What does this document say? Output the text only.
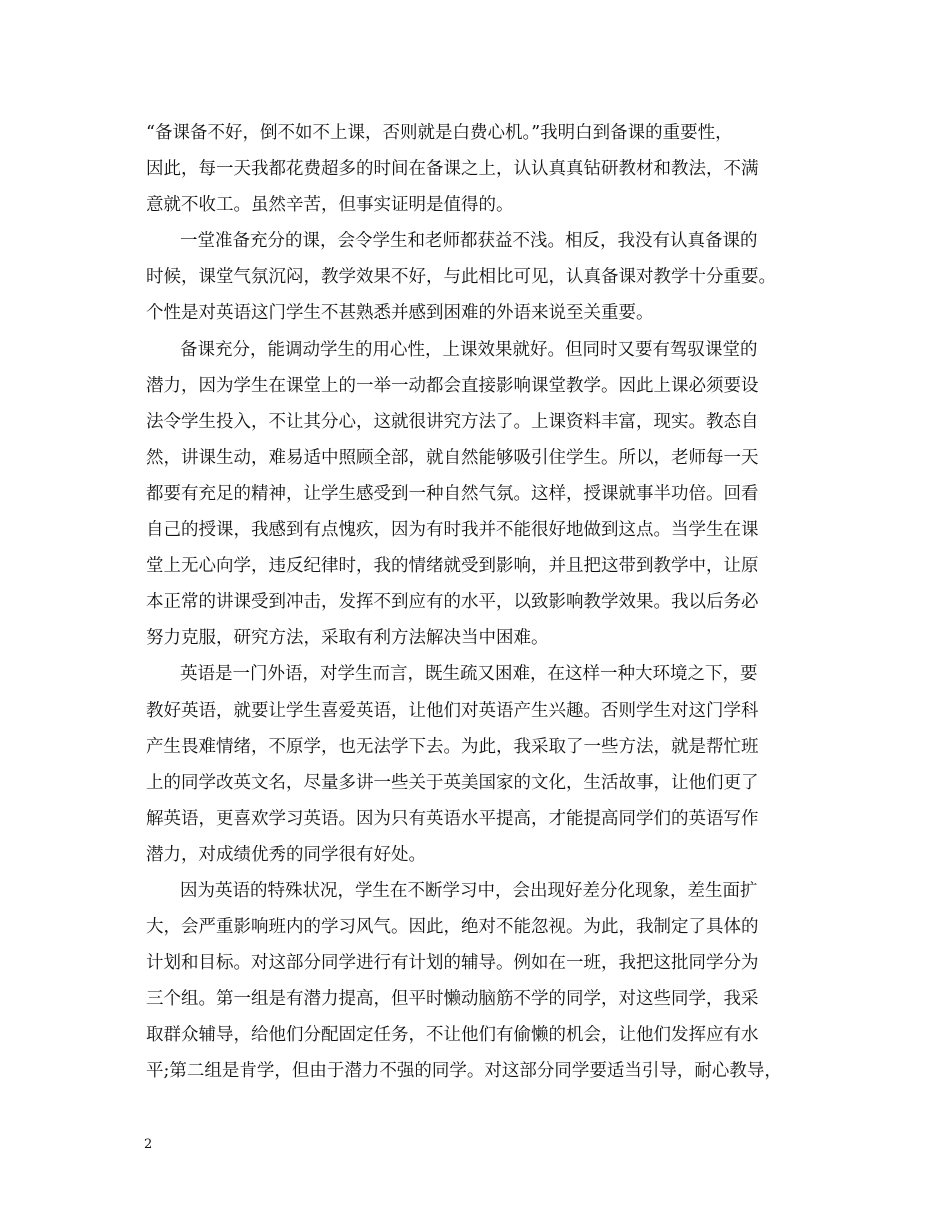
“备课备不好，倒不如不上课，否则就是白费心机。”我明白到备课的重要性，
因此，每一天我都花费超多的时间在备课之上，认认真真钻研教材和教法，不满
意就不收工。虽然辛苦，但事实证明是值得的。
一堂准备充分的课，会令学生和老师都获益不浅。相反，我没有认真备课的
时候，课堂气氛沉闷，教学效果不好，与此相比可见，认真备课对教学十分重要。
个性是对英语这门学生不甚熟悉并感到困难的外语来说至关重要。
备课充分，能调动学生的用心性，上课效果就好。但同时又要有驾驭课堂的
潜力，因为学生在课堂上的一举一动都会直接影响课堂教学。因此上课必须要设
法令学生投入，不让其分心，这就很讲究方法了。上课资料丰富，现实。教态自
然，讲课生动，难易适中照顾全部，就自然能够吸引住学生。所以，老师每一天
都要有充足的精神，让学生感受到一种自然气氛。这样，授课就事半功倍。回看
自己的授课，我感到有点愧疚，因为有时我并不能很好地做到这点。当学生在课
堂上无心向学，违反纪律时，我的情绪就受到影响，并且把这带到教学中，让原
本正常的讲课受到冲击，发挥不到应有的水平，以致影响教学效果。我以后务必
努力克服，研究方法，采取有利方法解决当中困难。
英语是一门外语，对学生而言，既生疏又困难，在这样一种大环境之下，要
教好英语，就要让学生喜爱英语，让他们对英语产生兴趣。否则学生对这门学科
产生畏难情绪，不原学，也无法学下去。为此，我采取了一些方法，就是帮忙班
上的同学改英文名，尽量多讲一些关于英美国家的文化，生活故事，让他们更了
解英语，更喜欢学习英语。因为只有英语水平提高，才能提高同学们的英语写作
潜力，对成绩优秀的同学很有好处。
因为英语的特殊状况，学生在不断学习中，会出现好差分化现象，差生面扩
大，会严重影响班内的学习风气。因此，绝对不能忽视。为此，我制定了具体的
计划和目标。对这部分同学进行有计划的辅导。例如在一班，我把这批同学分为
三个组。第一组是有潜力提高，但平时懒动脑筋不学的同学，对这些同学，我采
取群众辅导，给他们分配固定任务，不让他们有偷懒的机会，让他们发挥应有水
平;第二组是肯学，但由于潜力不强的同学。对这部分同学要适当引导，耐心教导，
2
